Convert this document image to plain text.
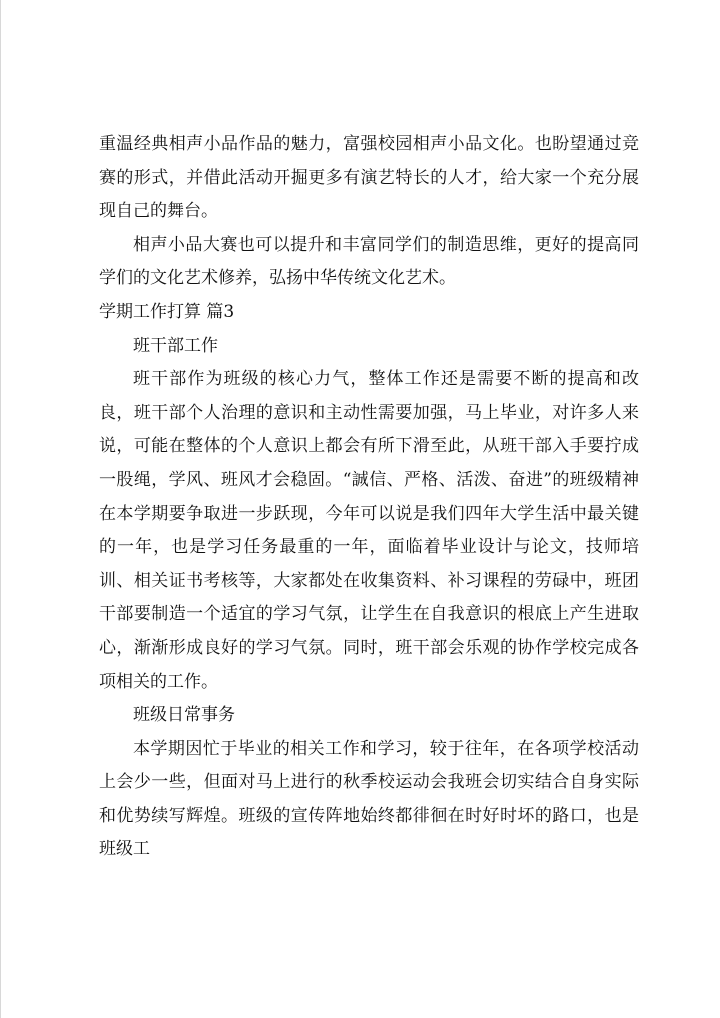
重温经典相声小品作品的魅力，富强校园相声小品文化。也盼望通过竞赛的形式，并借此活动开掘更多有演艺特长的人才，给大家一个充分展现自己的舞台。

相声小品大赛也可以提升和丰富同学们的制造思维，更好的提高同学们的文化艺术修养，弘扬中华传统文化艺术。

学期工作打算 篇3

班干部工作

班干部作为班级的核心力气，整体工作还是需要不断的提高和改良，班干部个人治理的意识和主动性需要加强，马上毕业，对许多人来说，可能在整体的个人意识上都会有所下滑至此，从班干部入手要拧成一股绳，学风、班风才会稳固。“誠信、严格、活泼、奋进”的班级精神在本学期要争取进一步跃现，今年可以说是我们四年大学生活中最关键的一年，也是学习任务最重的一年，面临着毕业设计与论文，技师培训、相关证书考核等，大家都处在收集资料、补习课程的劳碌中，班团干部要制造一个适宜的学习气氛，让学生在自我意识的根底上产生进取心，渐渐形成良好的学习气氛。同时，班干部会乐观的协作学校完成各项相关的工作。

班级日常事务

本学期因忙于毕业的相关工作和学习，较于往年，在各项学校活动上会少一些，但面对马上进行的秋季校运动会我班会切实结合自身实际和优势续写辉煌。班级的宣传阵地始终都徘徊在时好时坏的路口，也是班级工
